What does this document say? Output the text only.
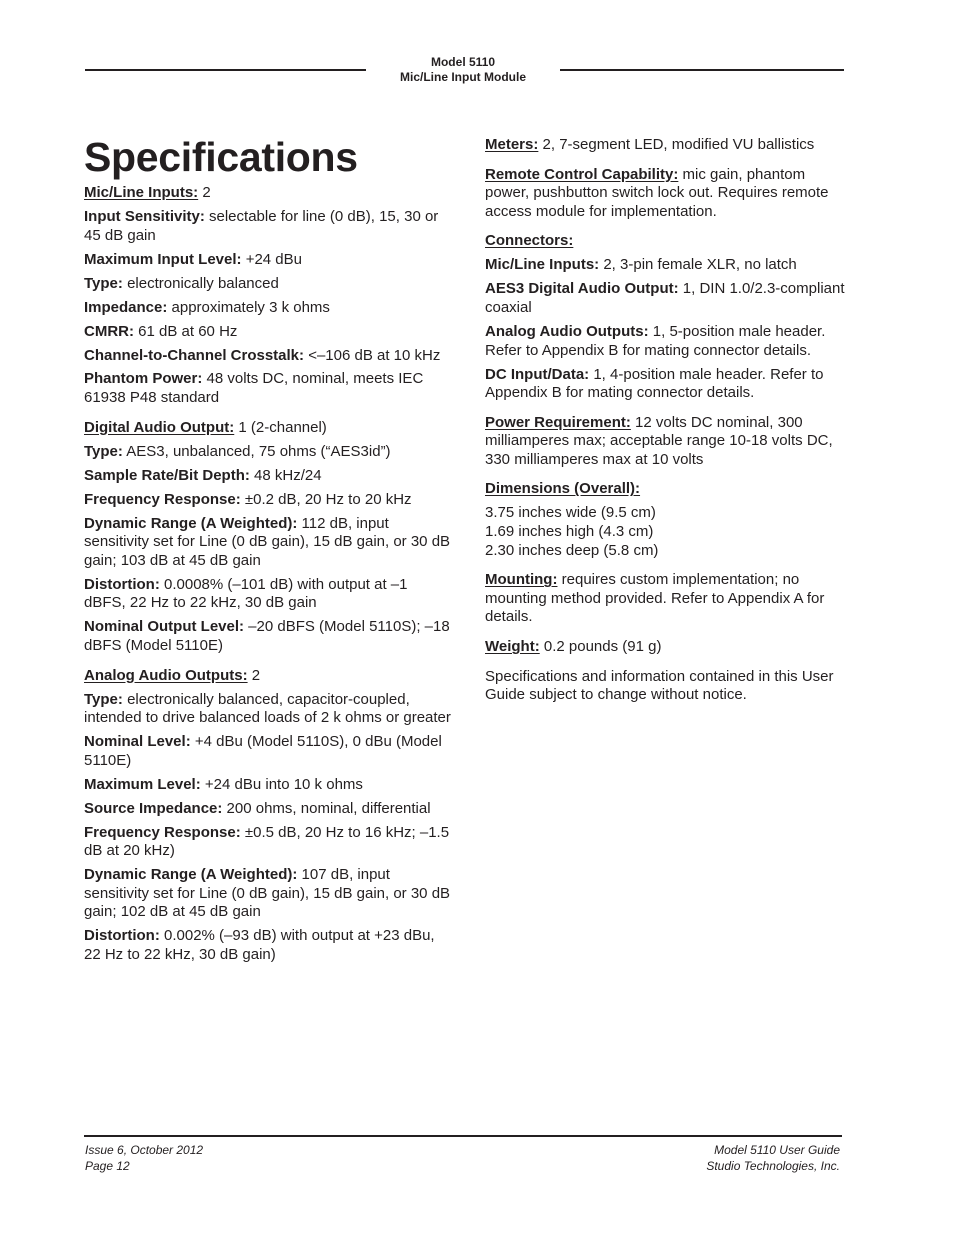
Model 5110
Mic/Line Input Module
Specifications

Mic/Line Inputs: 2

Input Sensitivity: selectable for line (0 dB), 15, 30 or 45 dB gain

Maximum Input Level: +24 dBu

Type: electronically balanced

Impedance: approximately 3 k ohms

CMRR: 61 dB at 60 Hz

Channel-to-Channel Crosstalk: <–106 dB at 10 kHz

Phantom Power: 48 volts DC, nominal, meets IEC 61938 P48 standard

Digital Audio Output: 1 (2-channel)

Type: AES3, unbalanced, 75 ohms (“AES3id”)

Sample Rate/Bit Depth: 48 kHz/24

Frequency Response: ±0.2 dB, 20 Hz to 20 kHz

Dynamic Range (A Weighted): 112 dB, input sensitivity set for Line (0 dB gain), 15 dB gain, or 30 dB gain; 103 dB at 45 dB gain

Distortion: 0.0008% (–101 dB) with output at –1 dBFS, 22 Hz to 22 kHz, 30 dB gain

Nominal Output Level: –20 dBFS (Model 5110S); –18 dBFS (Model 5110E)

Analog Audio Outputs: 2

Type: electronically balanced, capacitor-coupled, intended to drive balanced loads of 2 k ohms or greater

Nominal Level: +4 dBu (Model 5110S), 0 dBu (Model 5110E)

Maximum Level: +24 dBu into 10 k ohms

Source Impedance: 200 ohms, nominal, differential

Frequency Response: ±0.5 dB, 20 Hz to 16 kHz; –1.5 dB at 20 kHz)

Dynamic Range (A Weighted): 107 dB, input sensitivity set for Line (0 dB gain), 15 dB gain, or 30 dB gain; 102 dB at 45 dB gain

Distortion: 0.002% (–93 dB) with output at +23 dBu, 22 Hz to 22 kHz, 30 dB gain)

Meters: 2, 7-segment LED, modified VU ballistics

Remote Control Capability: mic gain, phantom power, pushbutton switch lock out. Requires remote access module for implementation.

Connectors:

Mic/Line Inputs: 2, 3-pin female XLR, no latch

AES3 Digital Audio Output: 1, DIN 1.0/2.3-compliant coaxial

Analog Audio Outputs: 1, 5-position male header. Refer to Appendix B for mating connector details.

DC Input/Data: 1, 4-position male header. Refer to Appendix B for mating connector details.

Power Requirement: 12 volts DC nominal, 300 milliamperes max; acceptable range 10-18 volts DC, 330 milliamperes max at 10 volts

Dimensions (Overall):

3.75 inches wide (9.5 cm)
1.69 inches high (4.3 cm)
2.30 inches deep (5.8 cm)

Mounting: requires custom implementation; no mounting method provided. Refer to Appendix A for details.

Weight: 0.2 pounds (91 g)

Specifications and information contained in this User Guide subject to change without notice.

Issue 6, October 2012
Page 12
Model 5110 User Guide
Studio Technologies, Inc.
